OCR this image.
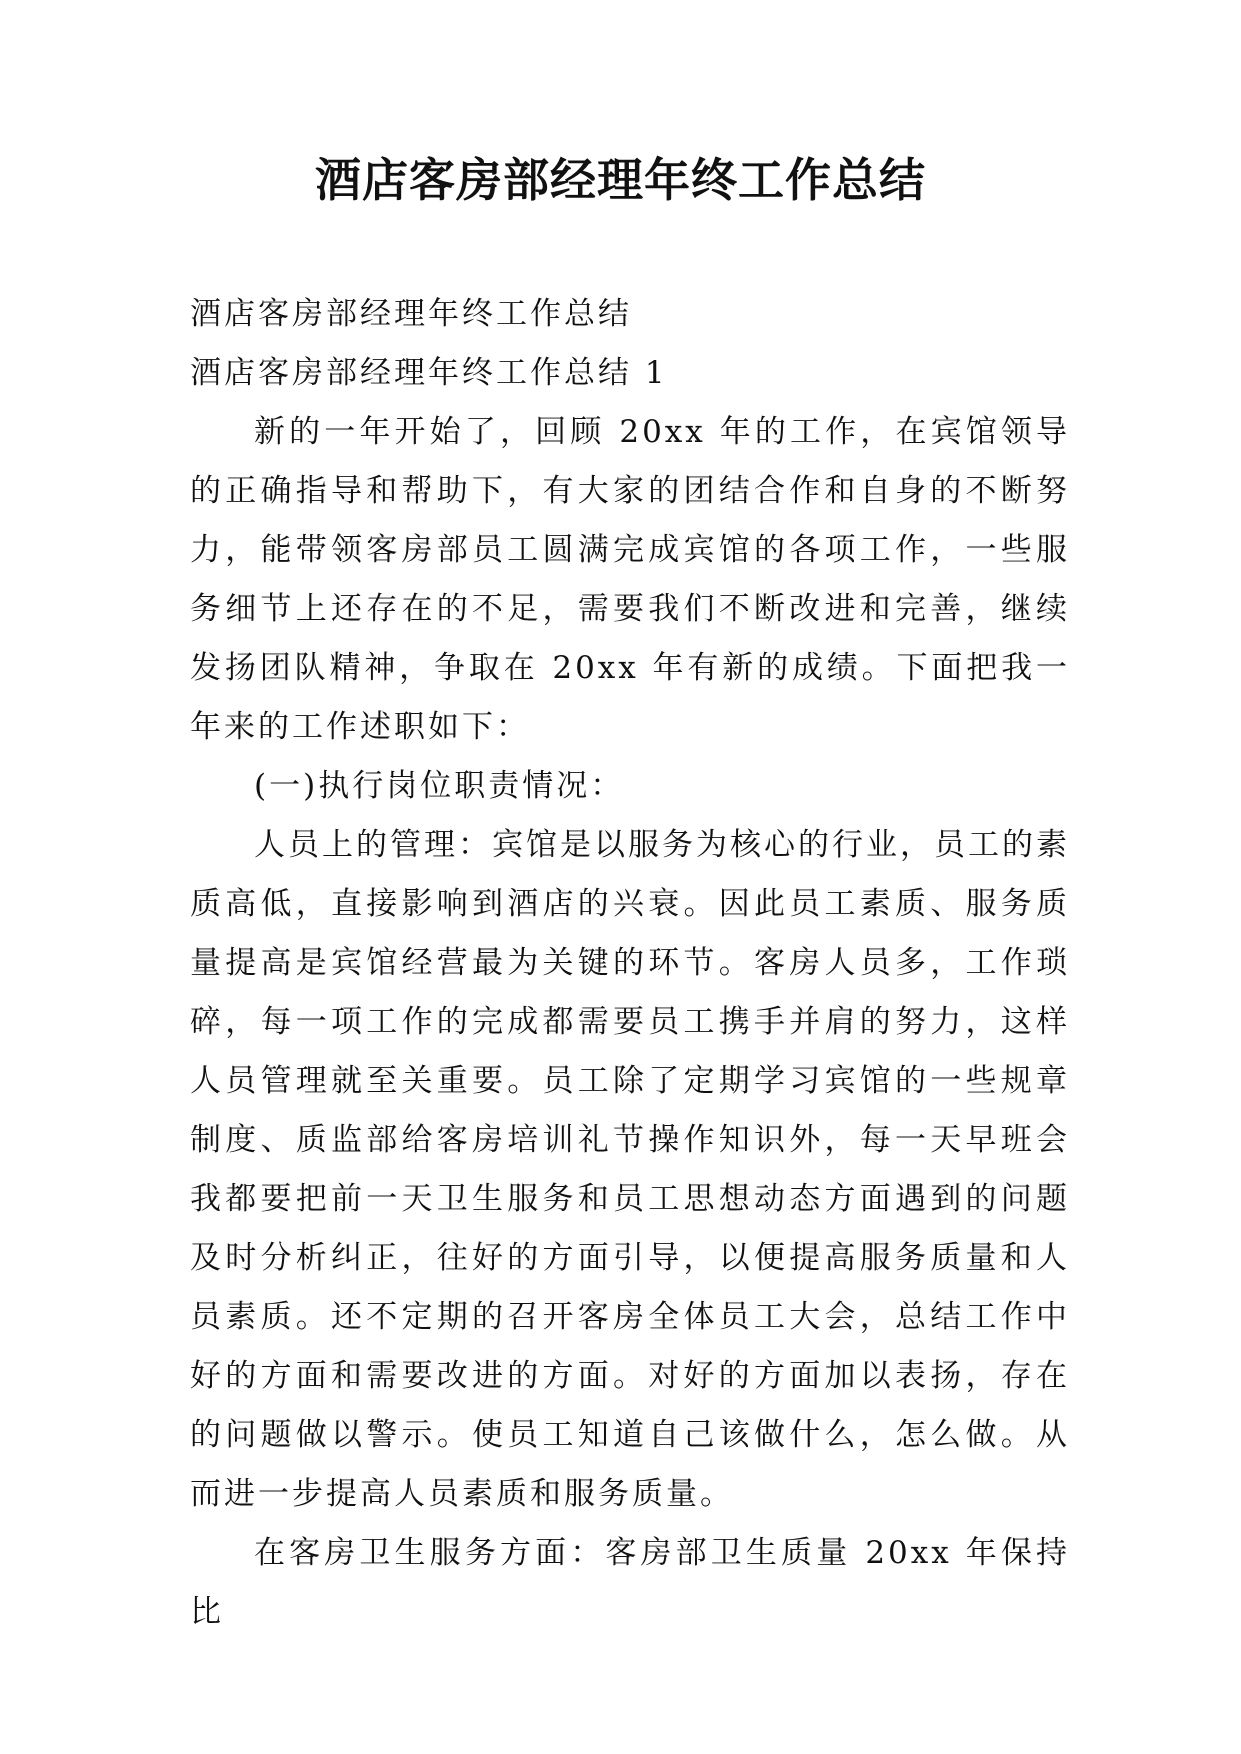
酒店客房部经理年终工作总结

酒店客房部经理年终工作总结

酒店客房部经理年终工作总结 1

新的一年开始了，回顾 20xx 年的工作，在宾馆领导的正确指导和帮助下，有大家的团结合作和自身的不断努力，能带领客房部员工圆满完成宾馆的各项工作，一些服务细节上还存在的不足，需要我们不断改进和完善，继续发扬团队精神，争取在 20xx 年有新的成绩。下面把我一年来的工作述职如下：

(一)执行岗位职责情况：

人员上的管理：宾馆是以服务为核心的行业，员工的素质高低，直接影响到酒店的兴衰。因此员工素质、服务质量提高是宾馆经营最为关键的环节。客房人员多，工作琐碎，每一项工作的完成都需要员工携手并肩的努力，这样人员管理就至关重要。员工除了定期学习宾馆的一些规章制度、质监部给客房培训礼节操作知识外，每一天早班会我都要把前一天卫生服务和员工思想动态方面遇到的问题及时分析纠正，往好的方面引导，以便提高服务质量和人员素质。还不定期的召开客房全体员工大会，总结工作中好的方面和需要改进的方面。对好的方面加以表扬，存在的问题做以警示。使员工知道自己该做什么，怎么做。从而进一步提高人员素质和服务质量。

在客房卫生服务方面：客房部卫生质量 20xx 年保持比
